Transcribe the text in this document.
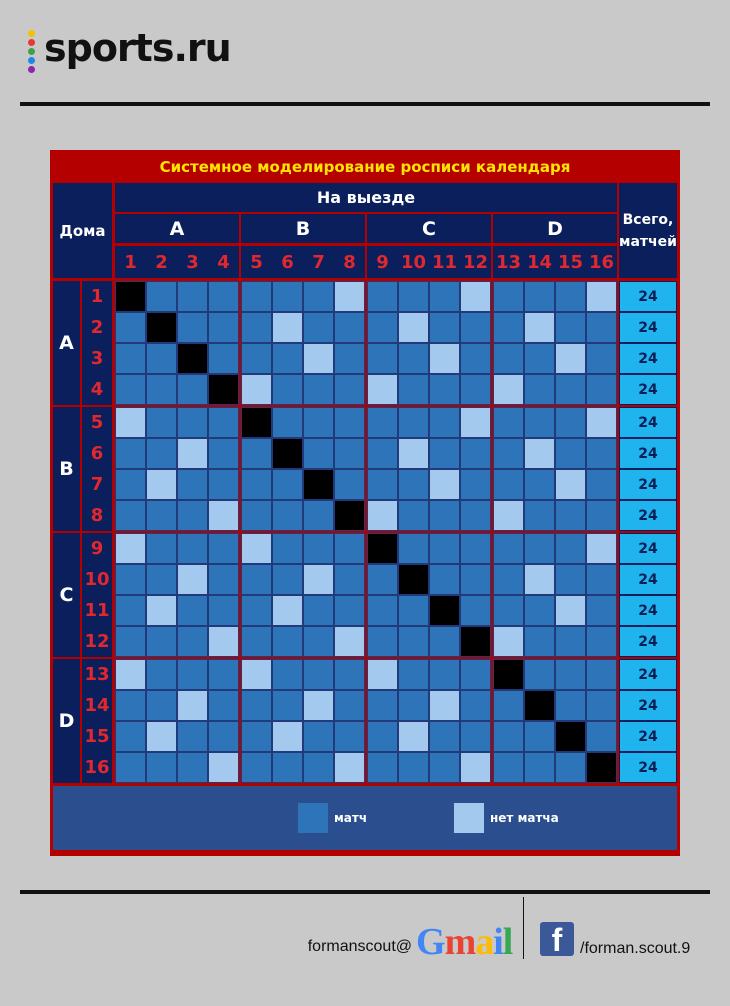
sports.ru
Системное моделирование росписи календаря
Дома
На выезде
Всего,
матчей
A	B	C	D
1	2	3	4	5	6	7	8	9 10 11 12 13 14 15 16
A
B
C
D
1	24
2	24
3	24
4	24
5	24
6	24
7	24
8	24
9	24
10	24
11	24
12	24
13	24
14	24
15	24
16	24
матч	нет матча
formanscout@ Gmail	f	/forman.scout.9
